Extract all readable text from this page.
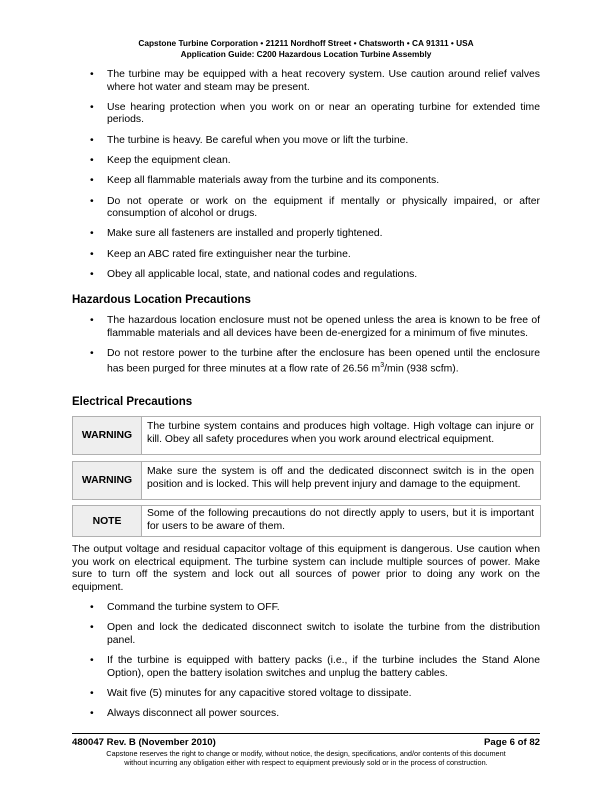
Capstone Turbine Corporation • 21211 Nordhoff Street • Chatsworth • CA 91311 • USA
Application Guide: C200 Hazardous Location Turbine Assembly
• The turbine may be equipped with a heat recovery system. Use caution around relief valves where hot water and steam may be present.
• Use hearing protection when you work on or near an operating turbine for extended time periods.
• The turbine is heavy. Be careful when you move or lift the turbine.
• Keep the equipment clean.
• Keep all flammable materials away from the turbine and its components.
• Do not operate or work on the equipment if mentally or physically impaired, or after consumption of alcohol or drugs.
• Make sure all fasteners are installed and properly tightened.
• Keep an ABC rated fire extinguisher near the turbine.
• Obey all applicable local, state, and national codes and regulations.
Hazardous Location Precautions
• The hazardous location enclosure must not be opened unless the area is known to be free of flammable materials and all devices have been de-energized for a minimum of five minutes.
• Do not restore power to the turbine after the enclosure has been opened until the enclosure has been purged for three minutes at a flow rate of 26.56 $m^3/\min$ (938 scfm).
Electrical Precautions
WARNING
The turbine system contains and produces high voltage. High voltage can injure or kill. Obey all safety procedures when you work around electrical equipment.
WARNING
Make sure the system is off and the dedicated disconnect switch is in the open position and is locked. This will help prevent injury and damage to the equipment.
NOTE
Some of the following precautions do not directly apply to users, but it is important for users to be aware of them.
The output voltage and residual capacitor voltage of this equipment is dangerous. Use caution when you work on electrical equipment. The turbine system can include multiple sources of power. Make sure to turn off the system and lock out all sources of power prior to doing any work on the equipment.
• Command the turbine system to OFF.
• Open and lock the dedicated disconnect switch to isolate the turbine from the distribution panel.
• If the turbine is equipped with battery packs (i.e., if the turbine includes the Stand Alone Option), open the battery isolation switches and unplug the battery cables.
• Wait five (5) minutes for any capacitive stored voltage to dissipate.
• Always disconnect all power sources.
480047 Rev. B (November 2010)	Page 6 of 82
Capstone reserves the right to change or modify, without notice, the design, specifications, and/or contents of this document
without incurring any obligation either with respect to equipment previously sold or in the process of construction.
